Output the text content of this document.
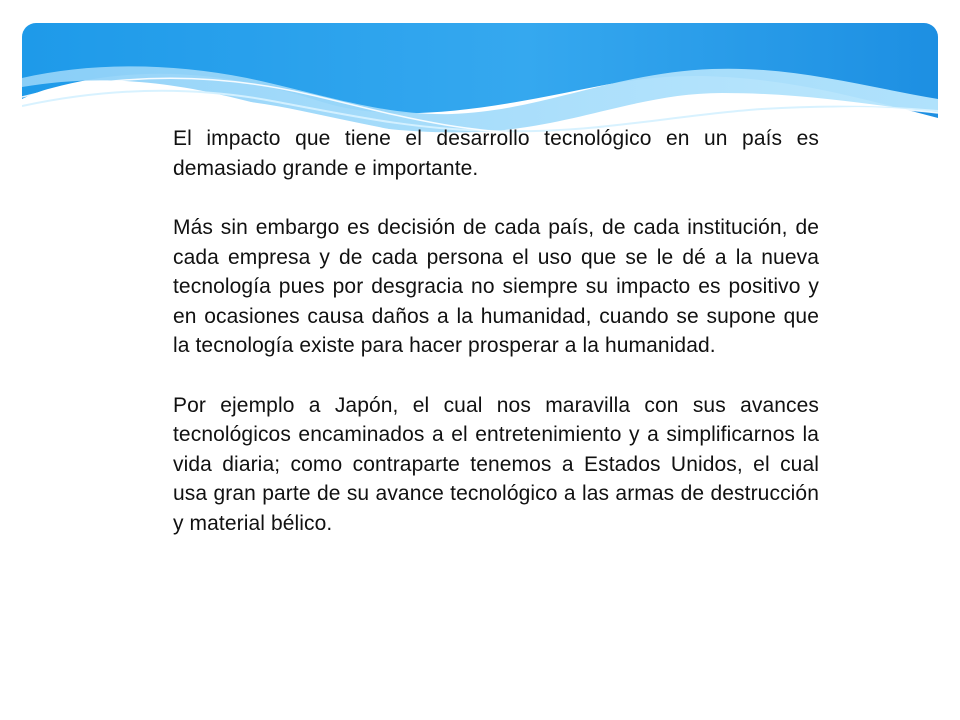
El impacto que tiene el desarrollo tecnológico en un país es demasiado grande e importante.

Más sin embargo es decisión de cada país, de cada institución, de cada empresa y de cada persona el uso que se le dé a la nueva tecnología pues por desgracia no siempre su impacto es positivo y en ocasiones causa daños a la humanidad, cuando se supone que la tecnología existe para hacer prosperar a la humanidad.

Por ejemplo a Japón, el cual nos maravilla con sus avances tecnológicos encaminados a el entretenimiento y a simplificarnos la vida diaria; como contraparte tenemos a Estados Unidos, el cual usa gran parte de su avance tecnológico a las armas de destrucción y material bélico.
